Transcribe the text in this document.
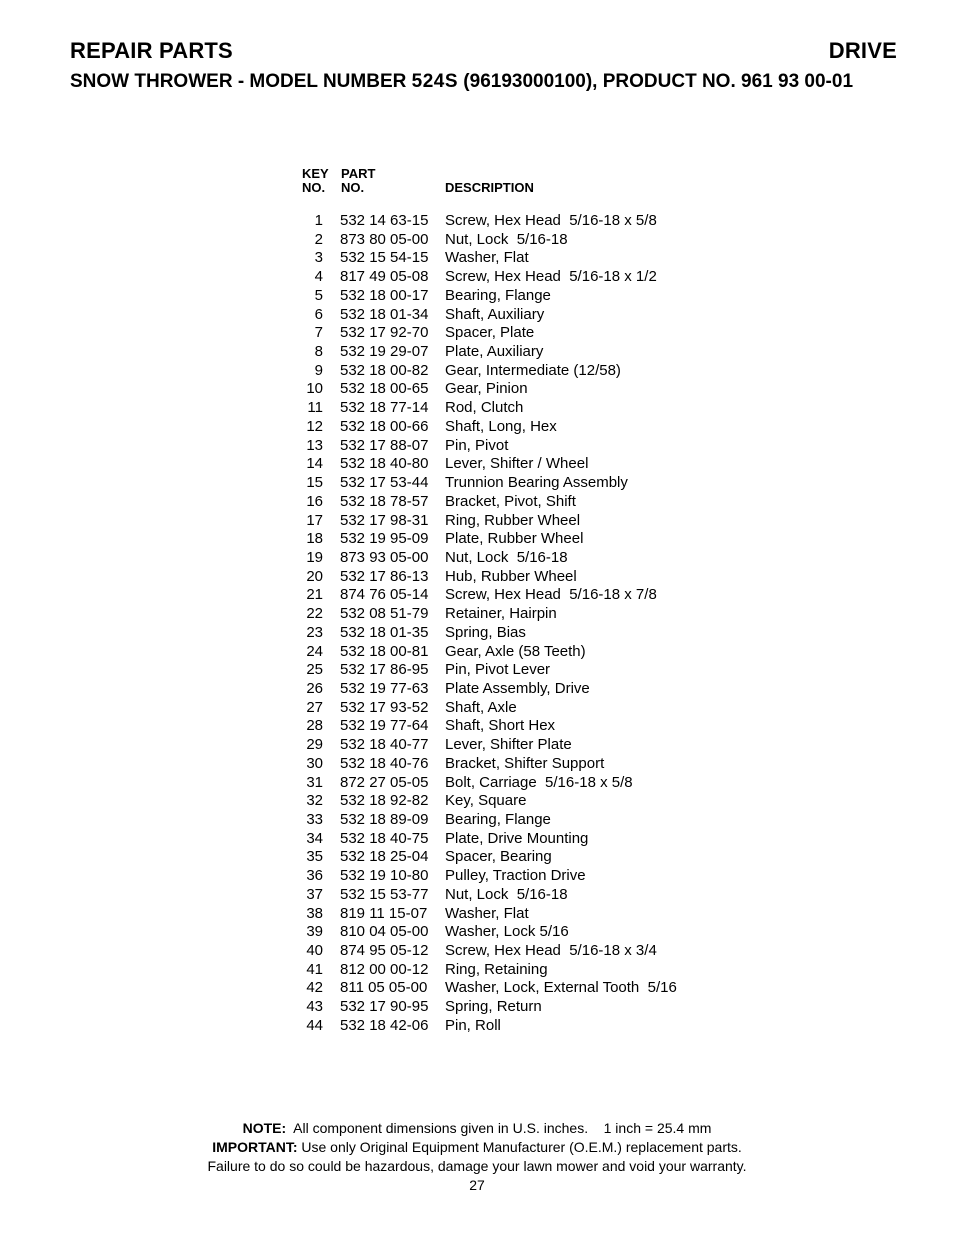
REPAIR PARTS	DRIVE
SNOW THROWER - MODEL NUMBER 524S (96193000100), PRODUCT NO. 961 93 00-01
KEY
NO.
PART
NO.	DESCRIPTION
1 532 14 63-15 Screw, Hex Head  5/16-18 x 5/8
2 873 80 05-00 Nut, Lock  5/16-18
3 532 15 54-15 Washer, Flat
4 817 49 05-08 Screw, Hex Head  5/16-18 x 1/2
5 532 18 00-17 Bearing, Flange
6 532 18 01-34 Shaft, Auxiliary
7 532 17 92-70 Spacer, Plate
8 532 19 29-07 Plate, Auxiliary
9 532 18 00-82 Gear, Intermediate (12/58)
10 532 18 00-65 Gear, Pinion
11 532 18 77-14 Rod, Clutch
12 532 18 00-66 Shaft, Long, Hex
13 532 17 88-07 Pin, Pivot
14 532 18 40-80 Lever, Shifter / Wheel
15 532 17 53-44 Trunnion Bearing Assembly
16 532 18 78-57 Bracket, Pivot, Shift
17 532 17 98-31 Ring, Rubber Wheel
18 532 19 95-09 Plate, Rubber Wheel
19 873 93 05-00 Nut, Lock  5/16-18
20 532 17 86-13 Hub, Rubber Wheel
21 874 76 05-14 Screw, Hex Head  5/16-18 x 7/8
22 532 08 51-79 Retainer, Hairpin
23 532 18 01-35 Spring, Bias
24 532 18 00-81 Gear, Axle (58 Teeth)
25 532 17 86-95 Pin, Pivot Lever
26 532 19 77-63 Plate Assembly, Drive
27 532 17 93-52 Shaft, Axle
28 532 19 77-64 Shaft, Short Hex
29 532 18 40-77 Lever, Shifter Plate
30 532 18 40-76 Bracket, Shifter Support
31 872 27 05-05 Bolt, Carriage  5/16-18 x 5/8
32 532 18 92-82 Key, Square
33 532 18 89-09 Bearing, Flange
34 532 18 40-75 Plate, Drive Mounting
35 532 18 25-04 Spacer, Bearing
36 532 19 10-80 Pulley, Traction Drive
37 532 15 53-77 Nut, Lock  5/16-18
38 819 11 15-07 Washer, Flat
39 810 04 05-00 Washer, Lock 5/16
40 874 95 05-12 Screw, Hex Head  5/16-18 x 3/4
41 812 00 00-12 Ring, Retaining
42 811 05 05-00 Washer, Lock, External Tooth  5/16
43 532 17 90-95 Spring, Return
44 532 18 42-06 Pin, Roll
NOTE:  All component dimensions given in U.S. inches.    1 inch = 25.4 mm
IMPORTANT: Use only Original Equipment Manufacturer (O.E.M.) replacement parts.
Failure to do so could be hazardous, damage your lawn mower and void your warranty.
27
